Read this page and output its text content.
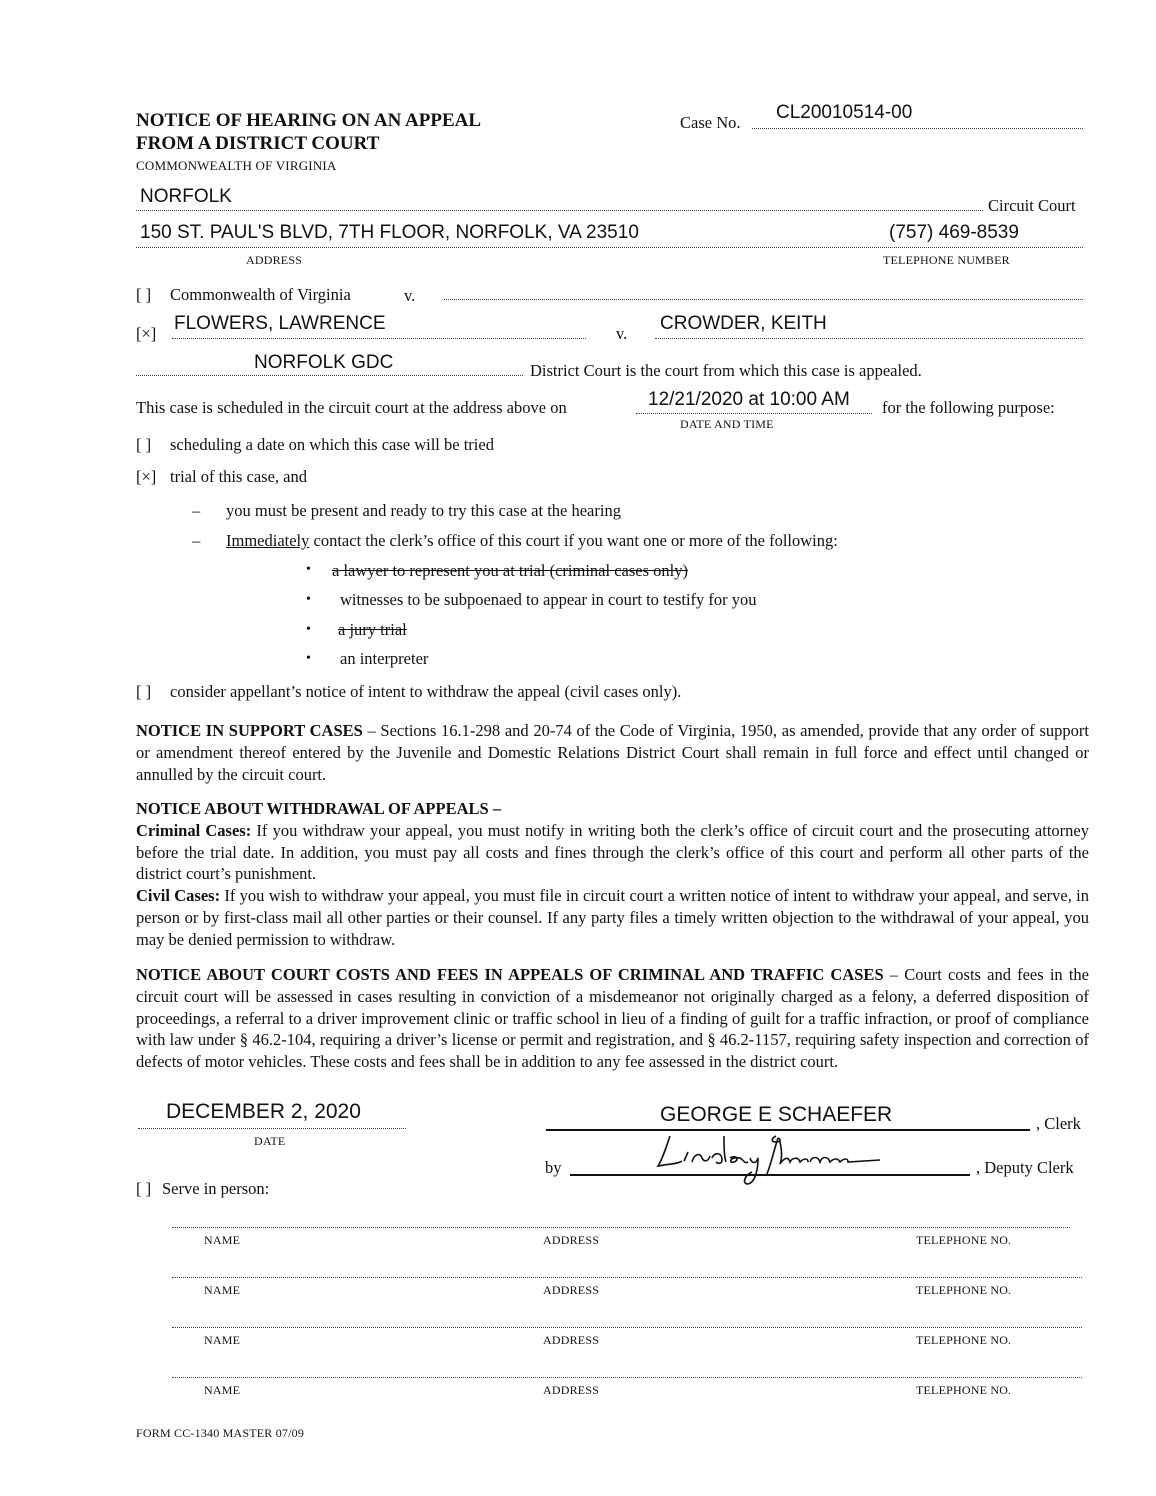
NOTICE OF HEARING ON AN APPEAL
FROM A DISTRICT COURT
COMMONWEALTH OF VIRGINIA
Case No. CL20010514-00
NORFOLK	Circuit Court
150 ST. PAUL'S BLVD, 7TH FLOOR, NORFOLK, VA 23510	(757) 469-8539
ADDRESS	TELEPHONE NUMBER
[ ] Commonwealth of Virginia	v.
[×] FLOWERS, LAWRENCE	v. CROWDER, KEITH
NORFOLK GDC	District Court is the court from which this case is appealed.
This case is scheduled in the circuit court at the address above on	12/21/2020 at 10:00 AM for the following purpose:
DATE AND TIME
[ ] scheduling a date on which this case will be tried
[×] trial of this case, and
– you must be present and ready to try this case at the hearing
– Immediately contact the clerk’s office of this court if you want one or more of the following:
• a lawyer to represent you at trial (criminal cases only)
• witnesses to be subpoenaed to appear in court to testify for you
• a jury trial
• an interpreter
[ ] consider appellant’s notice of intent to withdraw the appeal (civil cases only).
NOTICE IN SUPPORT CASES – Sections 16.1-298 and 20-74 of the Code of Virginia, 1950, as amended, provide that any order of support or amendment thereof entered by the Juvenile and Domestic Relations District Court shall remain in full force and effect until changed or annulled by the circuit court.
NOTICE ABOUT WITHDRAWAL OF APPEALS –
Criminal Cases: If you withdraw your appeal, you must notify in writing both the clerk’s office of circuit court and the prosecuting attorney before the trial date. In addition, you must pay all costs and fines through the clerk’s office of this court and perform all other parts of the district court’s punishment.
Civil Cases: If you wish to withdraw your appeal, you must file in circuit court a written notice of intent to withdraw your appeal, and serve, in person or by first-class mail all other parties or their counsel. If any party files a timely written objection to the withdrawal of your appeal, you may be denied permission to withdraw.
NOTICE ABOUT COURT COSTS AND FEES IN APPEALS OF CRIMINAL AND TRAFFIC CASES – Court costs and fees in the circuit court will be assessed in cases resulting in conviction of a misdemeanor not originally charged as a felony, a deferred disposition of proceedings, a referral to a driver improvement clinic or traffic school in lieu of a finding of guilt for a traffic infraction, or proof of compliance with law under § 46.2-104, requiring a driver’s license or permit and registration, and § 46.2-1157, requiring safety inspection and correction of defects of motor vehicles. These costs and fees shall be in addition to any fee assessed in the district court.
DECEMBER 2, 2020
DATE
GEORGE E SCHAEFER	, Clerk
by	, Deputy Clerk
[ ] Serve in person:
NAME	ADDRESS	TELEPHONE NO.
NAME	ADDRESS	TELEPHONE NO.
NAME	ADDRESS	TELEPHONE NO.
NAME	ADDRESS	TELEPHONE NO.
FORM CC-1340 MASTER 07/09
